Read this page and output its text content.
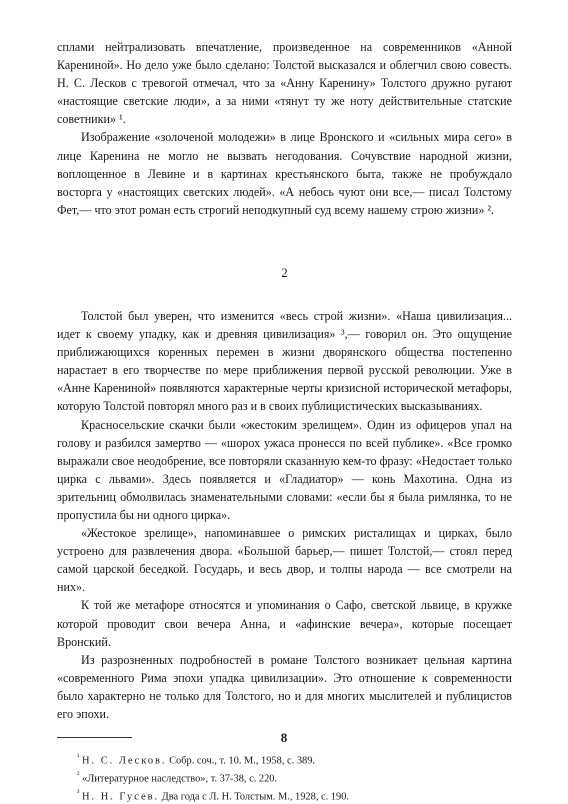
сплами нейтрализовать впечатление, произведенное на современников «Анной Карениной». Но дело уже было сделано: Толстой высказался и облегчил свою совесть. Н. С. Лесков с тревогой отмечал, что за «Анну Каренину» Толстого дружно ругают «настоящие светские люди», а за ними «тянут ту же ноту действительные статские советники» ¹.

Изображение «золоченой молодежи» в лице Вронского и «сильных мира сего» в лице Каренина не могло не вызвать негодования. Сочувствие народной жизни, воплощенное в Левине и в картинах крестьянского быта, также не пробуждало восторга у «настоящих светских людей». «А небось чуют они все,— писал Толстому Фет,— что этот роман есть строгий неподкупный суд всему нашему строю жизни» ².

2

Толстой был уверен, что изменится «весь строй жизни». «Наша цивилизация... идет к своему упадку, как и древняя цивилизация» ³,— говорил он. Это ощущение приближающихся коренных перемен в жизни дворянского общества постепенно нарастает в его творчестве по мере приближения первой русской революции. Уже в «Анне Карениной» появляются характерные черты кризисной исторической метафоры, которую Толстой повторял много раз и в своих публицистических высказываниях.

Красносельские скачки были «жестоким зрелищем». Один из офицеров упал на голову и разбился замертво — «шорох ужаса пронесся по всей публике». «Все громко выражали свое неодобрение, все повторяли сказанную кем-то фразу: «Недостает только цирка с львами». Здесь появляется и «Гладиатор» — конь Махотина. Одна из зрительниц обмолвилась знаменательными словами: «если бы я была римлянка, то не пропустила бы ни одного цирка».

«Жестокое зрелище», напоминавшее о римских ристалищах и цирках, было устроено для развлечения двора. «Большой барьер,— пишет Толстой,— стоял перед самой царской беседкой. Государь, и весь двор, и толпы народа — все смотрели на них».

К той же метафоре относятся и упоминания о Сафо, светской львице, в кружке которой проводит свои вечера Анна, и «афинские вечера», которые посещает Вронский.

Из разрозненных подробностей в романе Толстого возникает цельная картина «современного Рима эпохи упадка цивилизации». Это отношение к современности было характерно не только для Толстого, но и для многих мыслителей и публицистов его эпохи.

$^{^1}$ Н. С. Лесков. Собр. соч., т. 10. М., 1958, с. 389.
$^{^2}$ «Литературное наследство», т. 37-38, с. 220.
$^{^3}$ Н. Н. Гусев. Два года с Л. Н. Толстым. М., 1928, с. 190.
8
